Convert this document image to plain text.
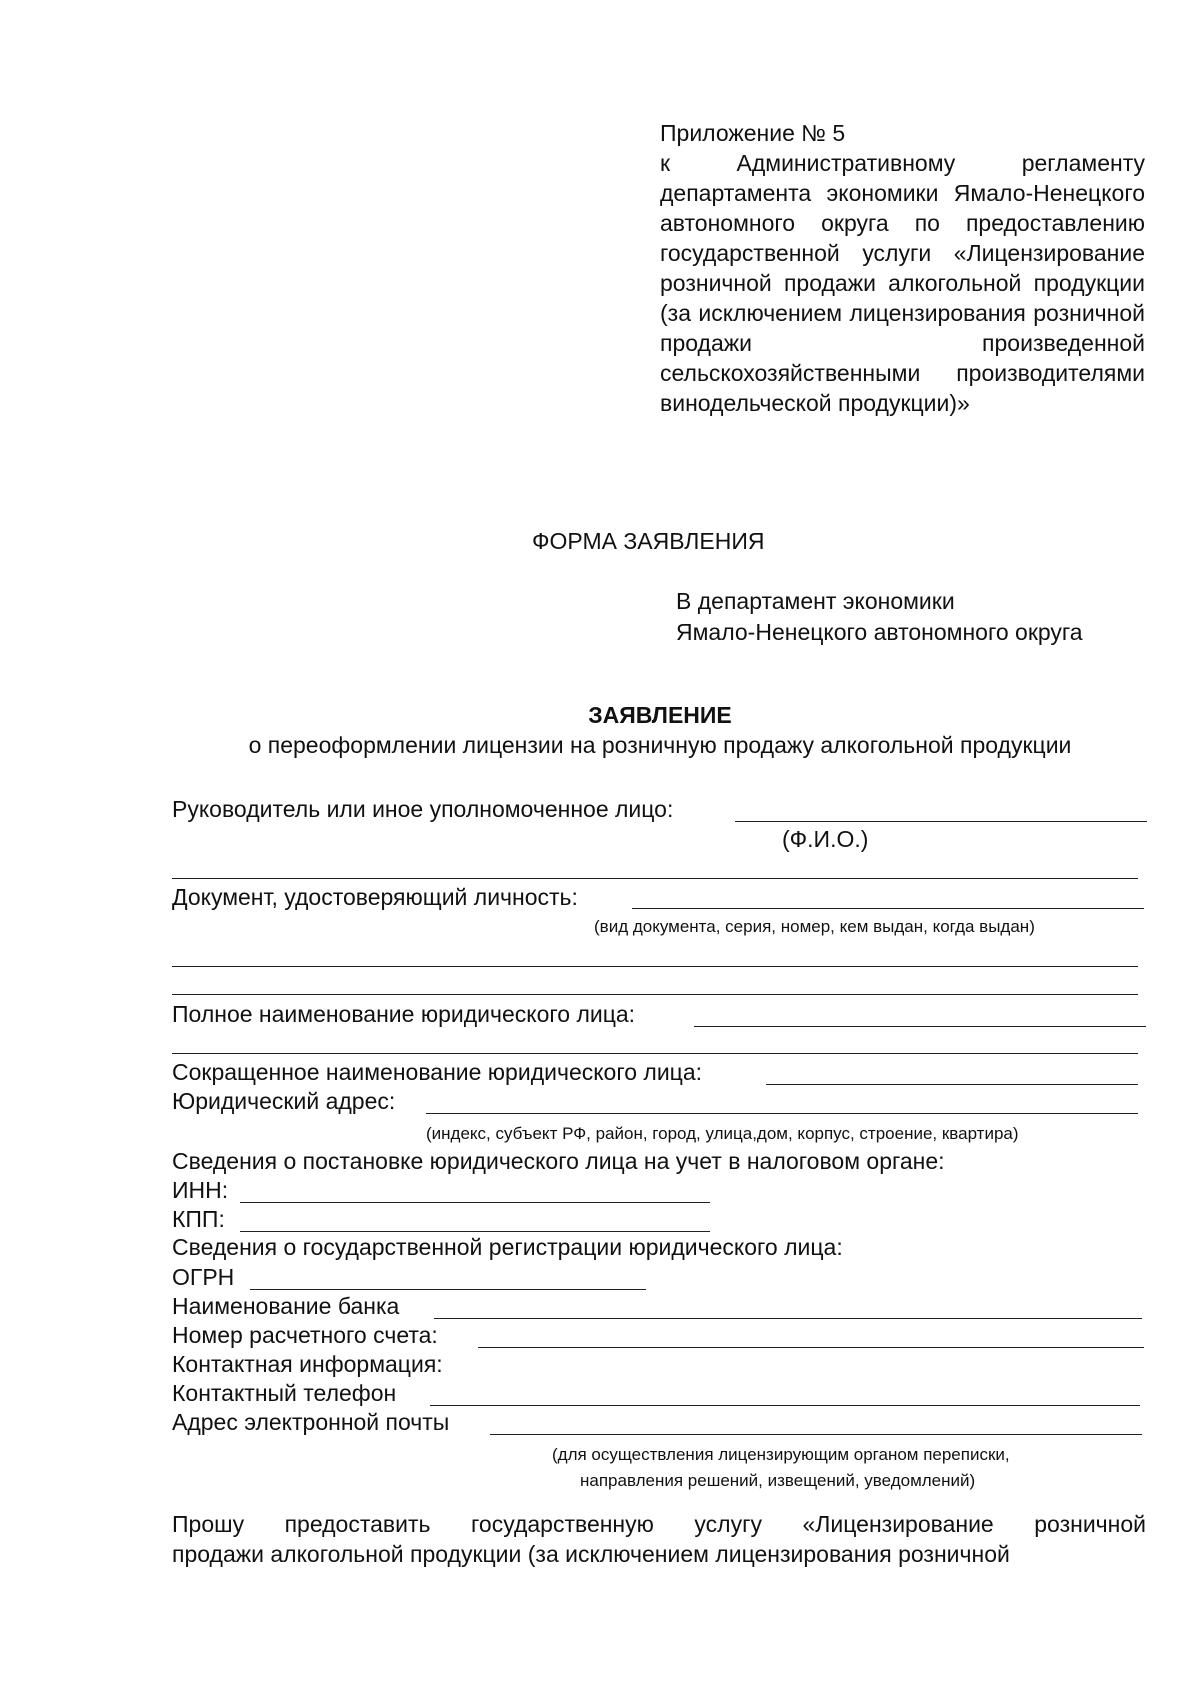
Приложение № 5
к Административному регламенту департамента экономики Ямало-Ненецкого автономного округа по предоставлению государственной услуги «Лицензирование розничной продажи алкогольной продукции (за исключением лицензирования розничной продажи произведенной сельскохозяйственными производителями винодельческой продукции)»
ФОРМА ЗАЯВЛЕНИЯ
В департамент экономики
Ямало-Ненецкого автономного округа
ЗАЯВЛЕНИЕ
о переоформлении лицензии на розничную продажу алкогольной продукции
Руководитель или иное уполномоченное лицо:
(Ф.И.О.)
Документ, удостоверяющий личность:
(вид документа, серия, номер, кем выдан, когда выдан)
Полное наименование юридического лица:
Сокращенное наименование юридического лица:
Юридический адрес:
(индекс, субъект РФ, район, город, улица,дом, корпус, строение, квартира)
Сведения о постановке юридического лица на учет в налоговом органе:
ИНН:
КПП:
Сведения о государственной регистрации юридического лица:
ОГРН
Наименование банка
Номер расчетного счета:
Контактная информация:
Контактный телефон
Адрес электронной почты
(для осуществления лицензирующим органом переписки,
направления решений, извещений, уведомлений)
Прошу предоставить государственную услугу «Лицензирование розничной
продажи алкогольной продукции (за исключением лицензирования розничной
